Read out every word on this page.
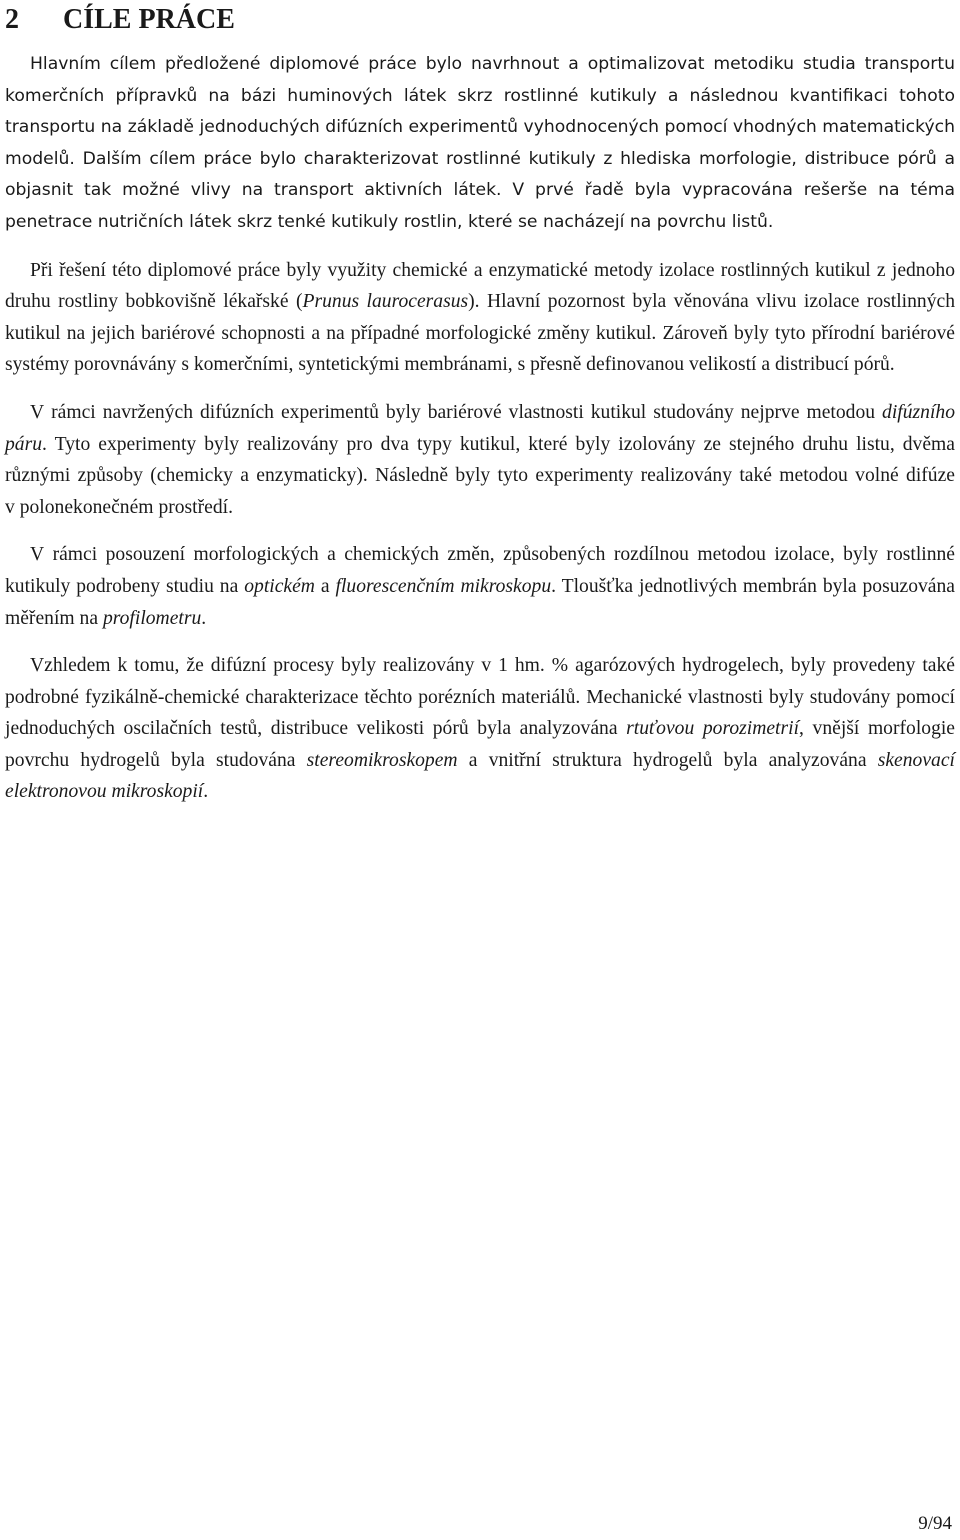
2 CÍLE PRÁCE

Hlavním cílem předložené diplomové práce bylo navrhnout a optimalizovat metodiku studia transportu komerčních přípravků na bázi huminových látek skrz rostlinné kutikuly a následnou kvantifikaci tohoto transportu na základě jednoduchých difúzních experimentů vyhodnocených pomocí vhodných matematických modelů. Dalším cílem práce bylo charakterizovat rostlinné kutikuly z hlediska morfologie, distribuce pórů a objasnit tak možné vlivy na transport aktivních látek. V prvé řadě byla vypracována rešerše na téma penetrace nutričních látek skrz tenké kutikuly rostlin, které se nacházejí na povrchu listů.

Při řešení této diplomové práce byly využity chemické a enzymatické metody izolace rostlinných kutikul z jednoho druhu rostliny bobkovišně lékařské (Prunus laurocerasus). Hlavní pozornost byla věnována vlivu izolace rostlinných kutikul na jejich bariérové schopnosti a na případné morfologické změny kutikul. Zároveň byly tyto přírodní bariérové systémy porovnávány s komerčními, syntetickými membránami, s přesně definovanou velikostí a distribucí pórů.

V rámci navržených difúzních experimentů byly bariérové vlastnosti kutikul studovány nejprve metodou difúzního páru. Tyto experimenty byly realizovány pro dva typy kutikul, které byly izolovány ze stejného druhu listu, dvěma různými způsoby (chemicky a enzymaticky). Následně byly tyto experimenty realizovány také metodou volné difúze v polonekonečném prostředí.

V rámci posouzení morfologických a chemických změn, způsobených rozdílnou metodou izolace, byly rostlinné kutikuly podrobeny studiu na optickém a fluorescenčním mikroskopu. Tloušťka jednotlivých membrán byla posuzována měřením na profilometru.

Vzhledem k tomu, že difúzní procesy byly realizovány v 1 hm. % agarózových hydrogelech, byly provedeny také podrobné fyzikálně-chemické charakterizace těchto porézních materiálů. Mechanické vlastnosti byly studovány pomocí jednoduchých oscilačních testů, distribuce velikosti pórů byla analyzována rtuťovou porozimetrií, vnější morfologie povrchu hydrogelů byla studována stereomikroskopem a vnitřní struktura hydrogelů byla analyzována skenovací elektronovou mikroskopií.

9/94
